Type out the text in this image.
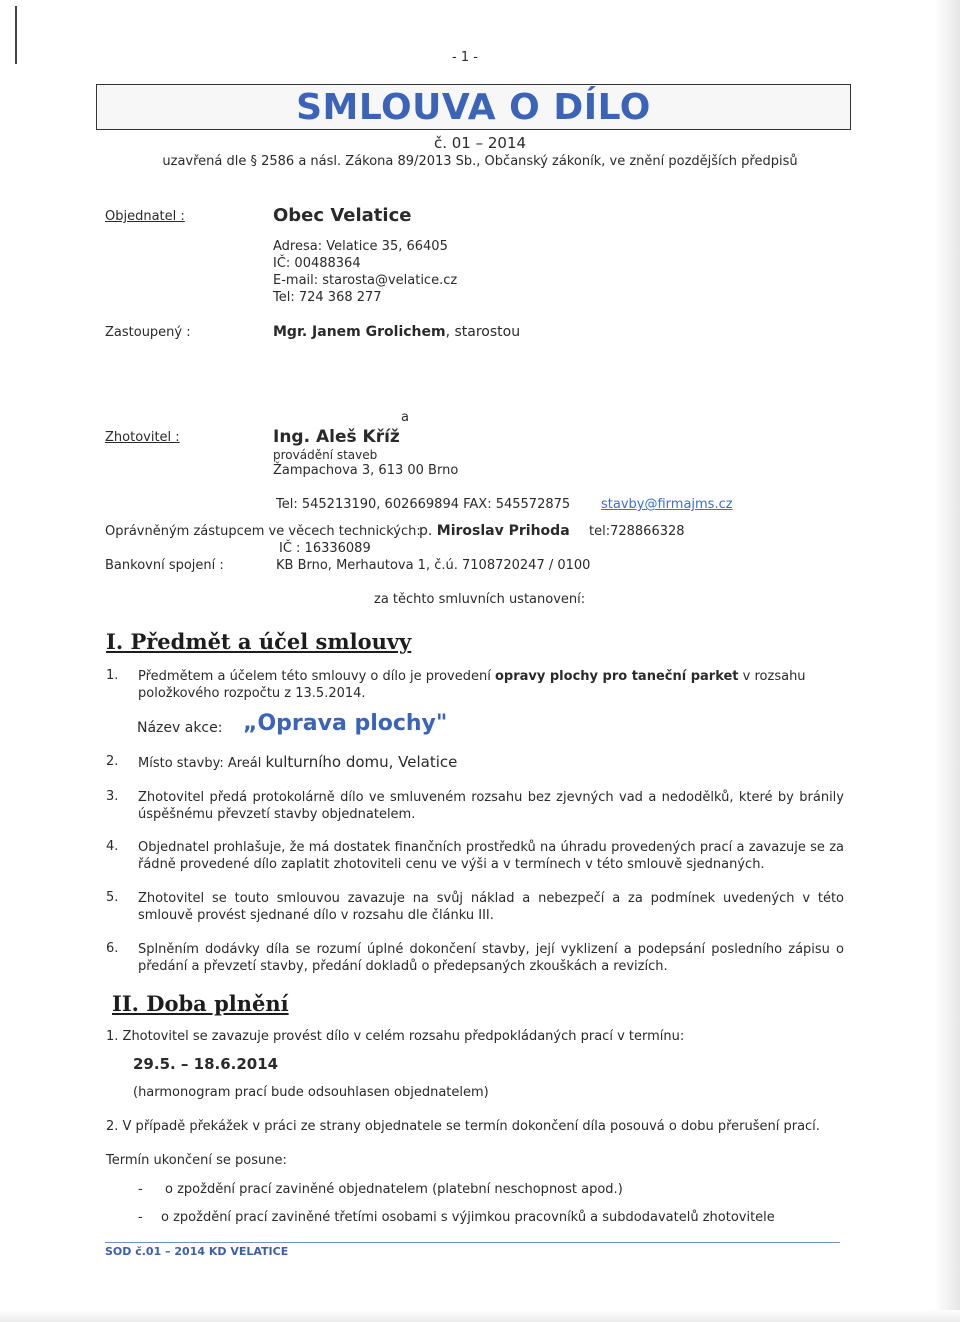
- 1 -
SMLOUVA O DÍLO
č. 01 – 2014
uzavřená dle § 2586 a násl. Zákona 89/2013 Sb., Občanský zákoník, ve znění pozdějších předpisů
Objednatel :	Obec Velatice
Adresa: Velatice 35, 66405
IČ: 00488364
E-mail: starosta@velatice.cz
Tel: 724 368 277
Zastoupený :	Mgr. Janem Grolichem, starostou
a
Zhotovitel :	Ing. Aleš Kříž
provádění staveb
Žampachova 3, 613 00 Brno
Tel: 545213190, 602669894 FAX: 545572875 stavby@firmajms.cz
Oprávněným zástupcem ve věcech technických:
p. Miroslav Prihoda tel:728866328
IČ : 16336089
Bankovní spojení :	KB Brno, Merhautova 1, č.ú. 7108720247 / 0100
za těchto smluvních ustanovení:
I. Předmět a účel smlouvy
1. Předmětem a účelem této smlouvy o dílo je provedení opravy plochy pro taneční parket v rozsahu položkového rozpočtu z 13.5.2014.
Název akce: „Oprava plochy"
2. Místo stavby: Areál kulturního domu, Velatice
3. Zhotovitel předá protokolárně dílo ve smluveném rozsahu bez zjevných vad a nedodělků, které by bránily úspěšnému převzetí stavby objednatelem.
4. Objednatel prohlašuje, že má dostatek finančních prostředků na úhradu provedených prací a zavazuje se za řádně provedené dílo zaplatit zhotoviteli cenu ve výši a v termínech v této smlouvě sjednaných.
5. Zhotovitel se touto smlouvou zavazuje na svůj náklad a nebezpečí a za podmínek uvedených v této smlouvě provést sjednané dílo v rozsahu dle článku III.
6. Splněním dodávky díla se rozumí úplné dokončení stavby, její vyklizení a podepsání posledního zápisu o předání a převzetí stavby, předání dokladů o předepsaných zkouškách a revizích.
II. Doba plnění
1. Zhotovitel se zavazuje provést dílo v celém rozsahu předpokládaných prací v termínu:
29.5. – 18.6.2014
(harmonogram prací bude odsouhlasen objednatelem)
2. V případě překážek v práci ze strany objednatele se termín dokončení díla posouvá o dobu přerušení prací.
Termín ukončení se posune:
- o zpoždění prací zaviněné objednatelem (platební neschopnost apod.)
- o zpoždění prací zaviněné třetími osobami s výjimkou pracovníků a subdodavatelů zhotovitele
SOD č.01 – 2014 KD VELATICE
